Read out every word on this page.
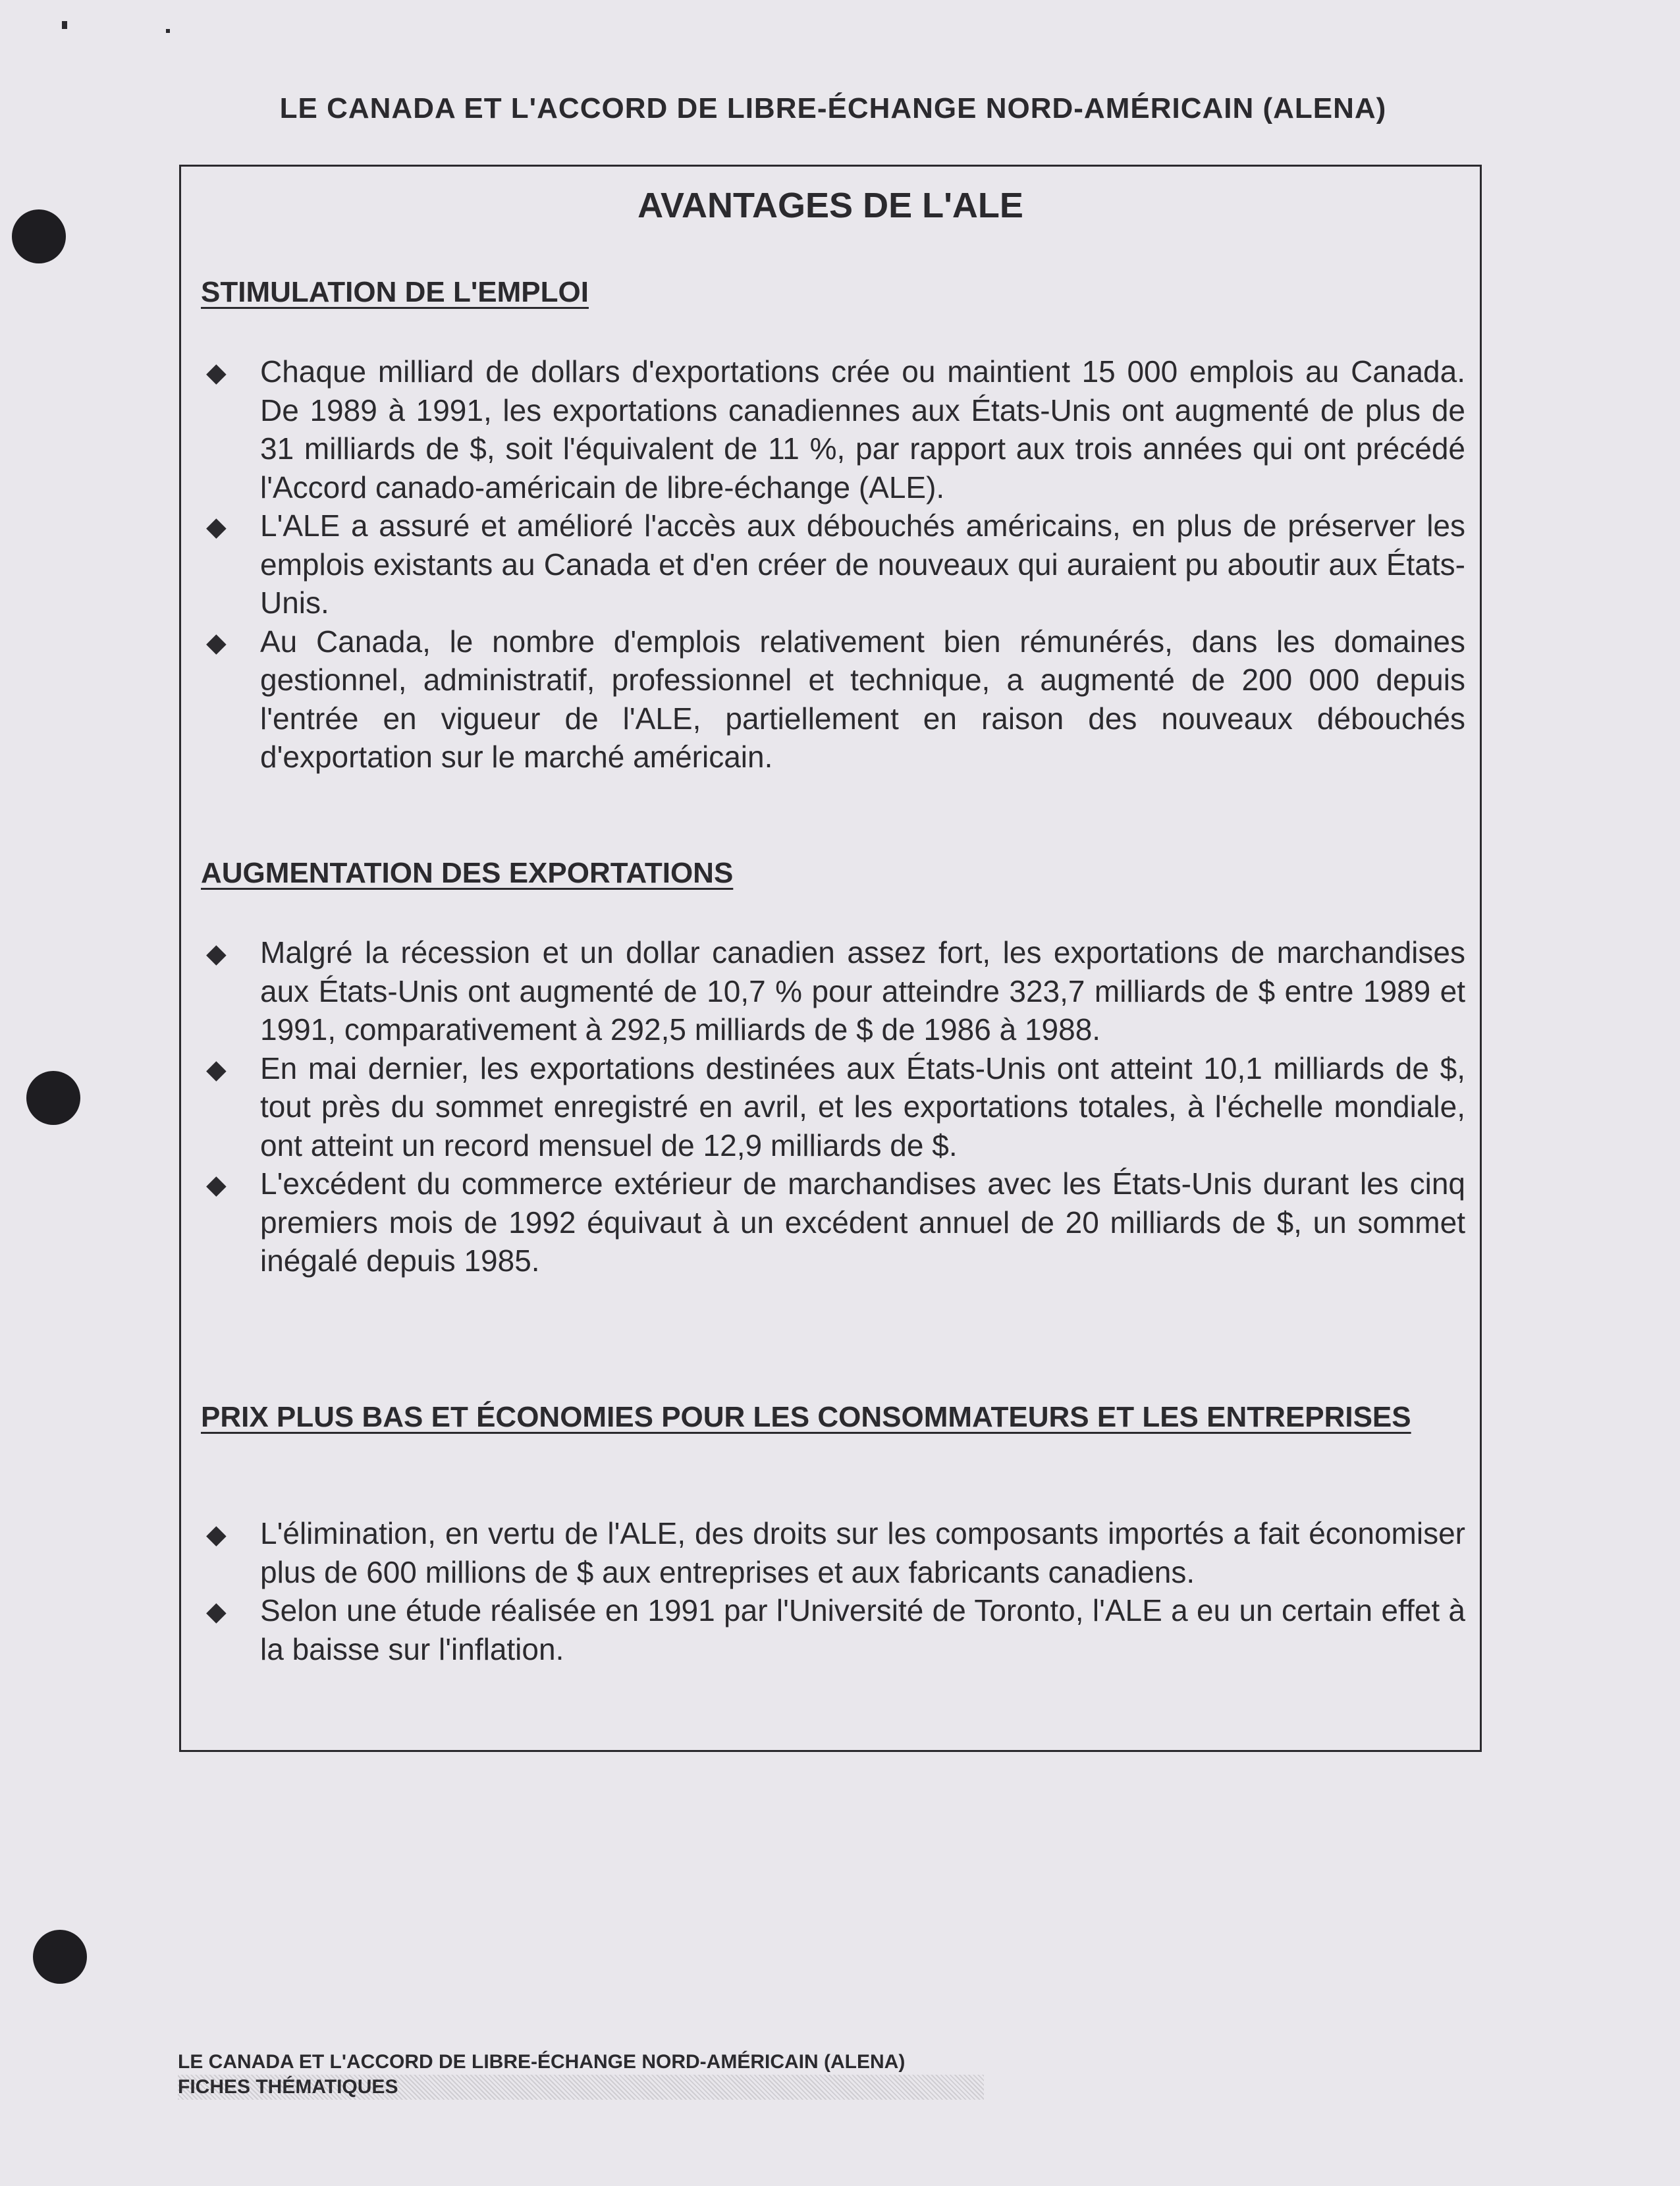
LE CANADA ET L'ACCORD DE LIBRE-ÉCHANGE NORD-AMÉRICAIN (ALENA)
AVANTAGES DE L'ALE
STIMULATION DE L'EMPLOI
◆ Chaque milliard de dollars d'exportations crée ou maintient 15 000 emplois au Canada. De 1989 à 1991, les exportations canadiennes aux États-Unis ont augmenté de plus de 31 milliards de $, soit l'équivalent de 11 %, par rapport aux trois années qui ont précédé l'Accord canado-américain de libre-échange (ALE).
◆ L'ALE a assuré et amélioré l'accès aux débouchés américains, en plus de préserver les emplois existants au Canada et d'en créer de nouveaux qui auraient pu aboutir aux États-Unis.
◆ Au Canada, le nombre d'emplois relativement bien rémunérés, dans les domaines gestionnel, administratif, professionnel et technique, a augmenté de 200 000 depuis l'entrée en vigueur de l'ALE, partiellement en raison des nouveaux débouchés d'exportation sur le marché américain.
AUGMENTATION DES EXPORTATIONS
◆ Malgré la récession et un dollar canadien assez fort, les exportations de marchandises aux États-Unis ont augmenté de 10,7 % pour atteindre 323,7 milliards de $ entre 1989 et 1991, comparativement à 292,5 milliards de $ de 1986 à 1988.
◆ En mai dernier, les exportations destinées aux États-Unis ont atteint 10,1 milliards de $, tout près du sommet enregistré en avril, et les exportations totales, à l'échelle mondiale, ont atteint un record mensuel de 12,9 milliards de $.
◆ L'excédent du commerce extérieur de marchandises avec les États-Unis durant les cinq premiers mois de 1992 équivaut à un excédent annuel de 20 milliards de $, un sommet inégalé depuis 1985.
PRIX PLUS BAS ET ÉCONOMIES POUR LES CONSOMMATEURS ET LES ENTREPRISES
◆ L'élimination, en vertu de l'ALE, des droits sur les composants importés a fait économiser plus de 600 millions de $ aux entreprises et aux fabricants canadiens.
◆ Selon une étude réalisée en 1991 par l'Université de Toronto, l'ALE a eu un certain effet à la baisse sur l'inflation.
LE CANADA ET L'ACCORD DE LIBRE-ÉCHANGE NORD-AMÉRICAIN (ALENA)
FICHES THÉMATIQUES
